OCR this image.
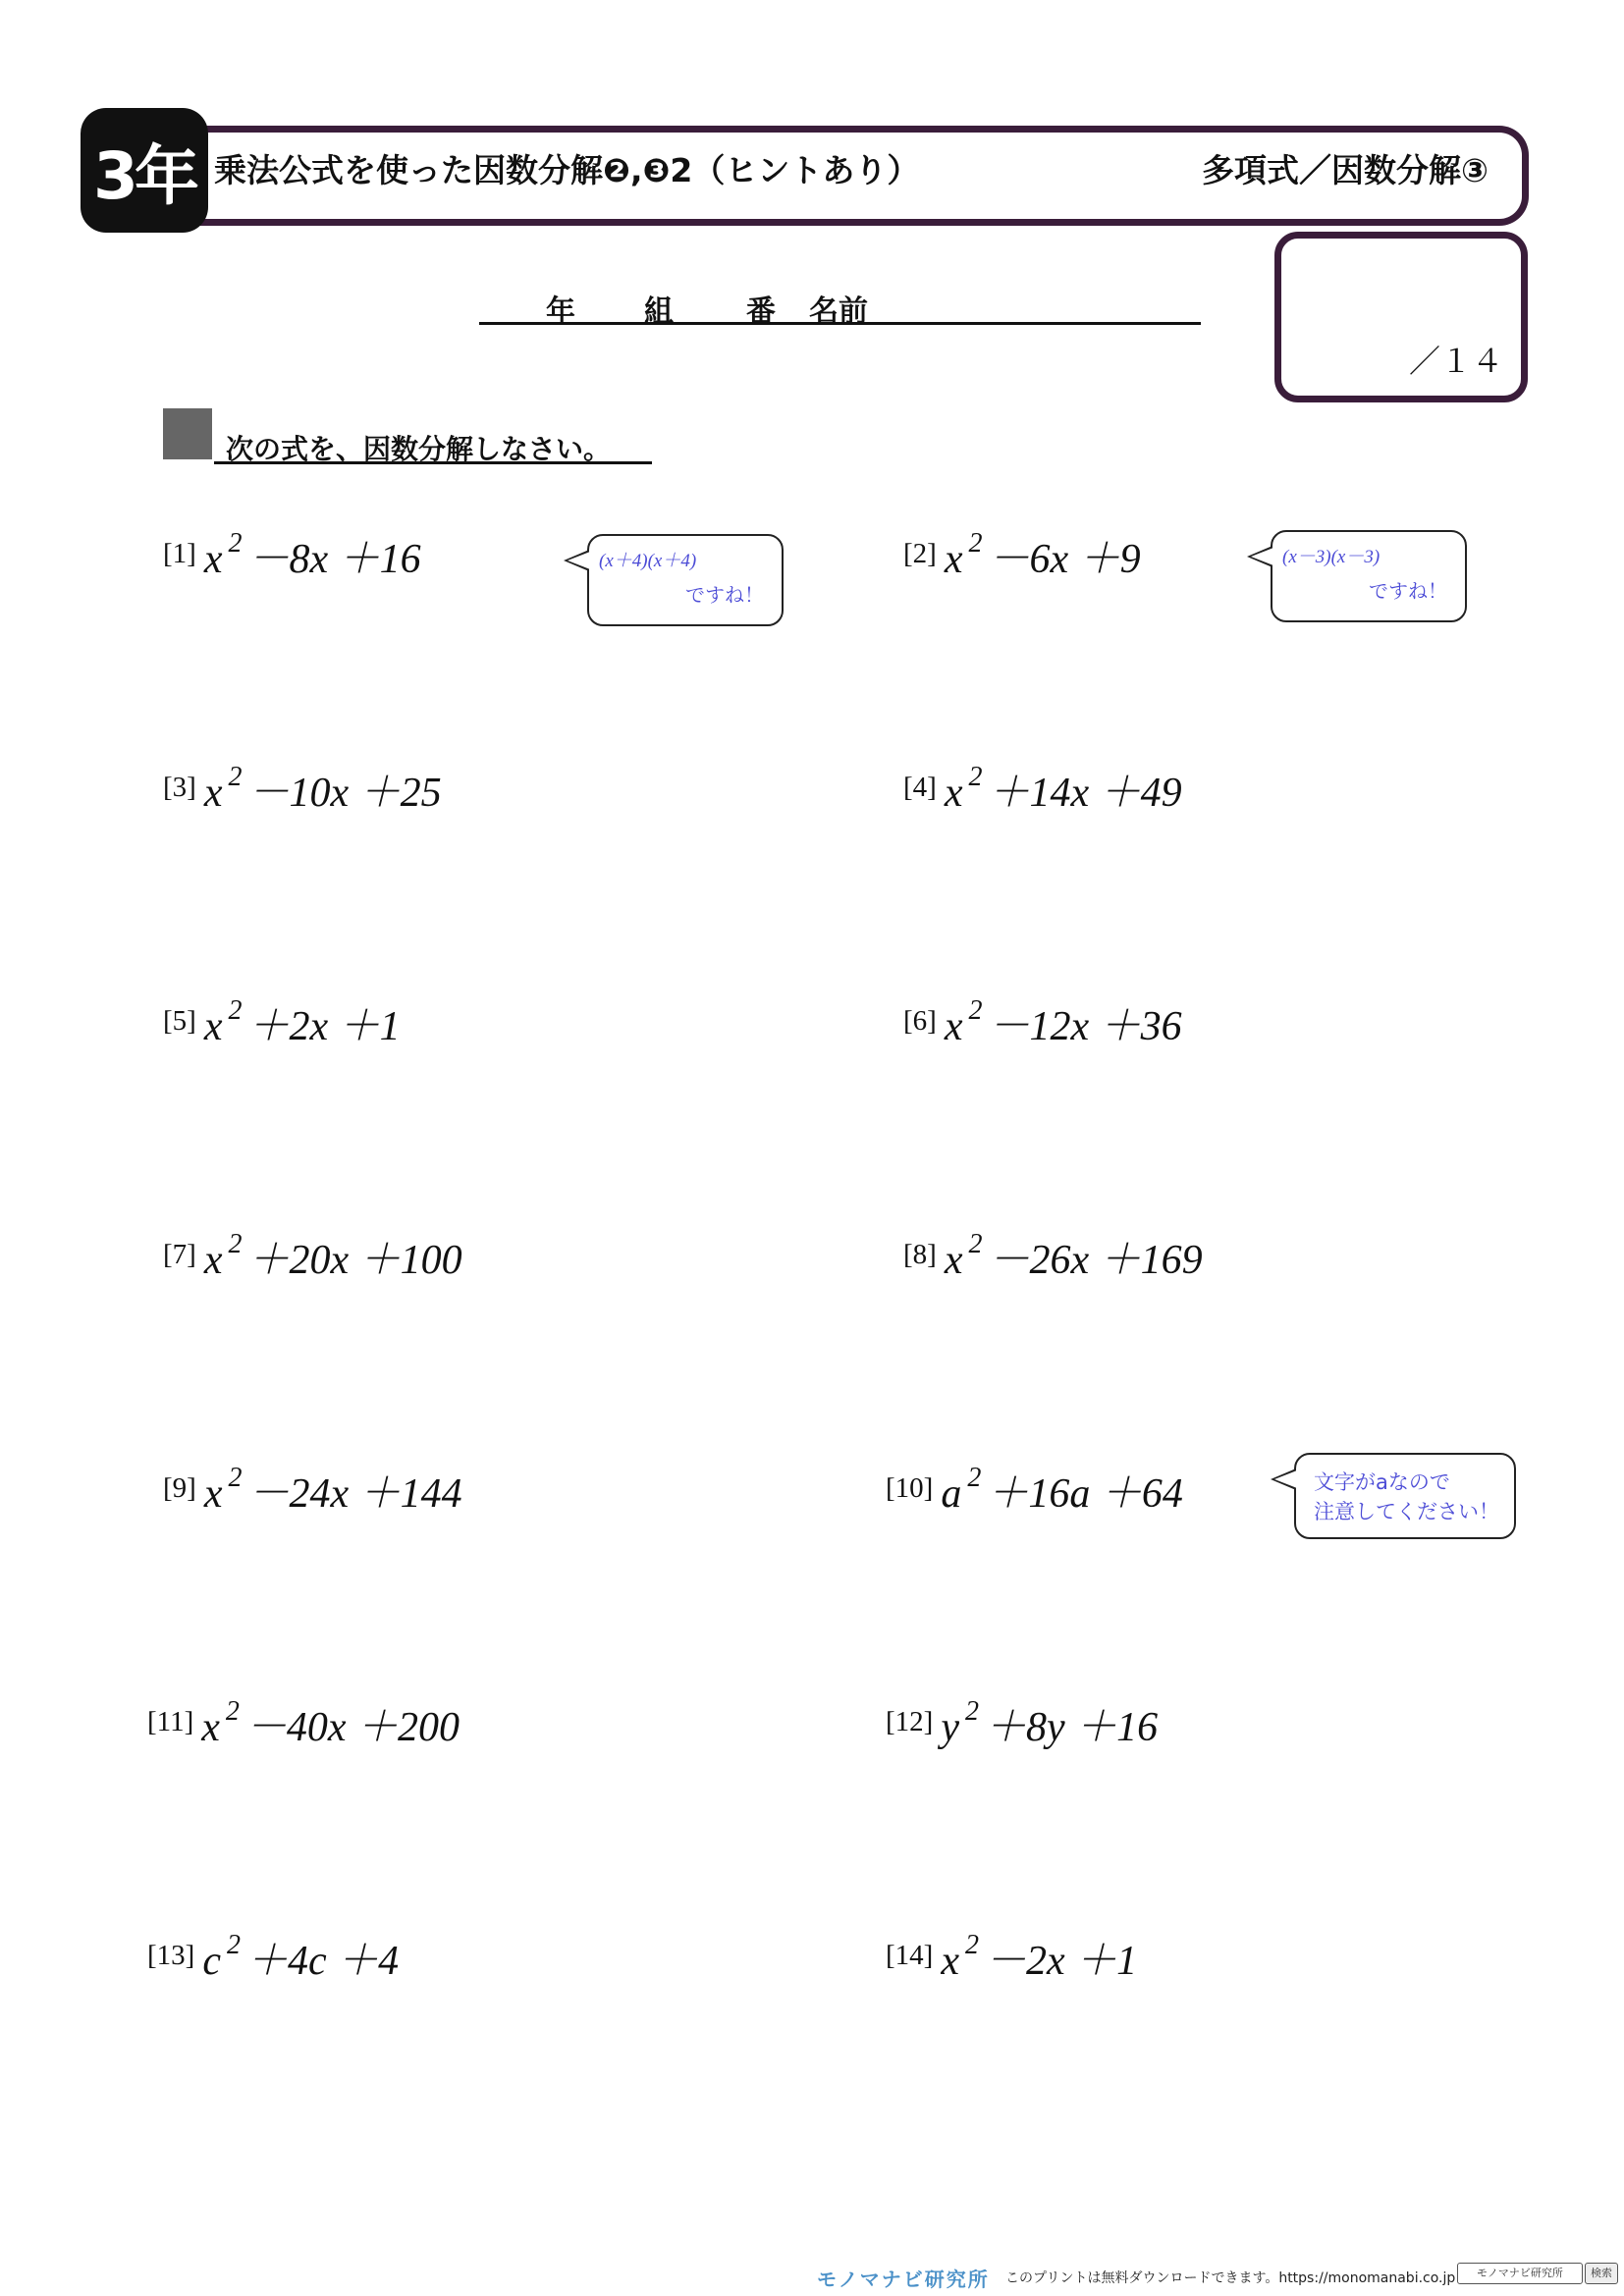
3年 乗法公式を使った因数分解❷,❸2（ヒントあり）	多項式／因数分解③
年 組 番 名前
／１４
次の式を、因数分解しなさい。
[1] x $^2$ －8x ＋16	[2] x $^2$ －6x ＋9
[3] x $^2$ －10x ＋25	[4] x $^2$ ＋14x ＋49
[5] x $^2$ ＋2x ＋1	[6] x $^2$ －12x ＋36
[7] x $^2$ ＋20x ＋100	[8] x $^2$ －26x ＋169
[9] x $^2$ －24x ＋144	[10] a $^2$ ＋16a ＋64
[11] x $^2$ －40x ＋200	[12] y $^2$ ＋8y ＋16
[13] c $^2$ ＋4c ＋4	[14] x $^2$ －2x ＋1
(x＋4)(x＋4)
ですね！
(x－3)(x－3)
ですね！
文字がaなので
注意してください！
モノマナビ研究所 このプリントは無料ダウンロードできます。https://monomanabi.co.jp	モノマナビ研究所	検索
